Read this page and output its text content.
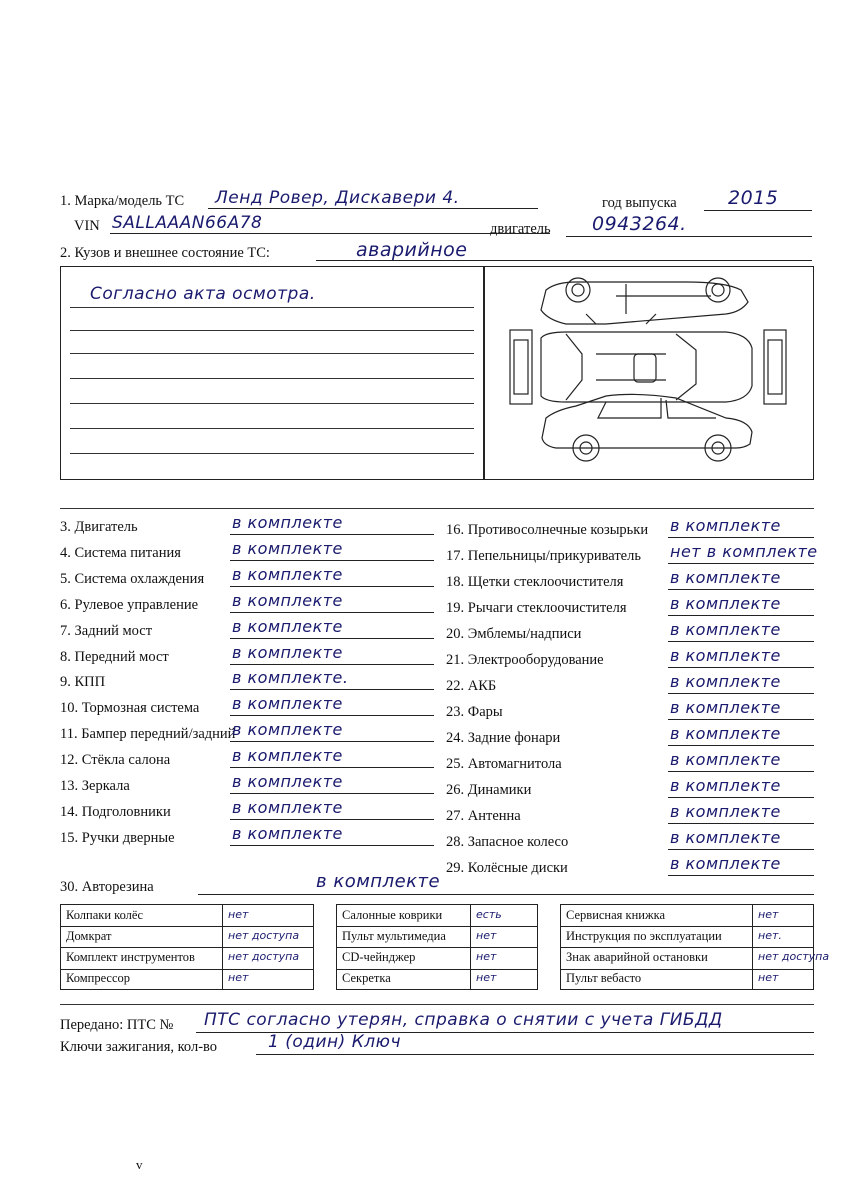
1. Марка/модель ТС Ленд Ровер, Дискавери 4.	год выпуска	2015
VIN SALLAAAN66A78	двигатель 0943264.
2. Кузов и внешнее состояние ТС:	аварийное
Согласно акта осмотра.
3. Двигатель	в комплекте
4. Система питания	в комплекте
5. Система охлаждения в комплекте
6. Рулевое управление в комплекте
7. Задний мост	в комплекте
8. Передний мост	в комплекте
9. КПП	в комплекте.
10. Тормозная система в комплекте
11. Бампер передний/задний
в комплекте
12. Стёкла салона	в комплекте
13. Зеркала	в комплекте
14. Подголовники	в комплекте
15. Ручки дверные	в комплекте
16. Противосолнечные козырьки в комплекте
17. Пепельницы/прикуриватель нет в комплекте
18. Щетки стеклоочистителя	в комплекте
19. Рычаги стеклоочистителя	в комплекте
20. Эмблемы/надписи	в комплекте
21. Электрооборудование	в комплекте
22. АКБ	в комплекте
23. Фары	в комплекте
24. Задние фонари	в комплекте
25. Автомагнитола	в комплекте
26. Динамики	в комплекте
27. Антенна	в комплекте
28. Запасное колесо	в комплекте
29. Колёсные диски	в комплекте
30. Авторезина	в комплекте
Колпаки колёс	нет
Домкрат	нет доступа
Комплект инструментов	нет доступа
Компрессор	нет
Салонные коврики	есть
Пульт мультимедиа	нет
CD-чейнджер	нет
Секретка	нет
Сервисная книжка	нет
Инструкция по эксплуатации	нет.
Знак аварийной остановки	нет доступа
Пульт вебасто	нет
Передано: ПТС № ПТС согласно утерян, справка о снятии с учета ГИБДД
Ключи зажигания, кол-во	1 (один) Ключ
v
